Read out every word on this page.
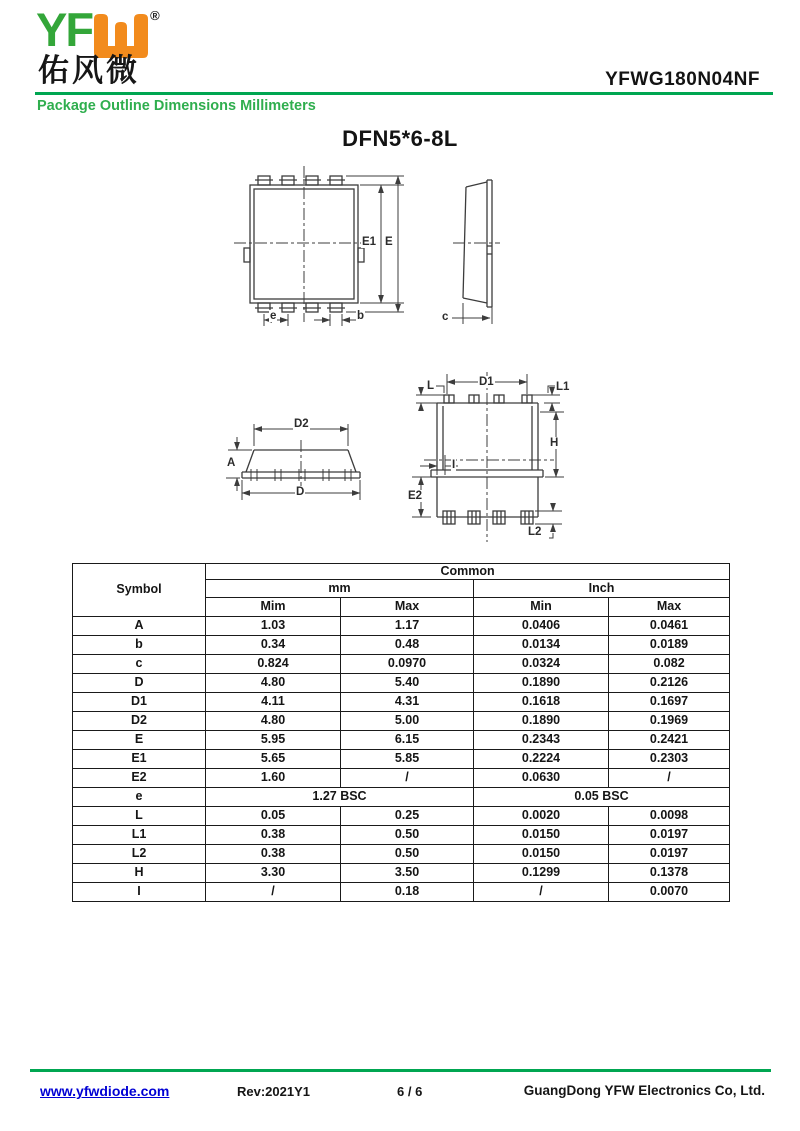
YF	®
佑风微	YFWG180N04NF
Package Outline Dimensions Millimeters
DFN5*6-8L
E1 E
e	b	c
D2
A
D
D1
L	L1
H
I
E2
L2
Symbol	Common			
	mm		Inch	
	Mim	Max	Min	Max
A	1.03	1.17	0.0406	0.0461
b	0.34	0.48	0.0134	0.0189
c	0.824	0.0970	0.0324	0.082
D	4.80	5.40	0.1890	0.2126
D1	4.11	4.31	0.1618	0.1697
D2	4.80	5.00	0.1890	0.1969
E	5.95	6.15	0.2343	0.2421
E1	5.65	5.85	0.2224	0.2303
E2	1.60	/	0.0630	/
e	1.27 BSC		0.05 BSC	
L	0.05	0.25	0.0020	0.0098
L1	0.38	0.50	0.0150	0.0197
L2	0.38	0.50	0.0150	0.0197
H	3.30	3.50	0.1299	0.1378
I	/	0.18	/	0.0070
www.yfwdiode.com	Rev:2021Y1	6 / 6	GuangDong YFW Electronics Co, Ltd.
